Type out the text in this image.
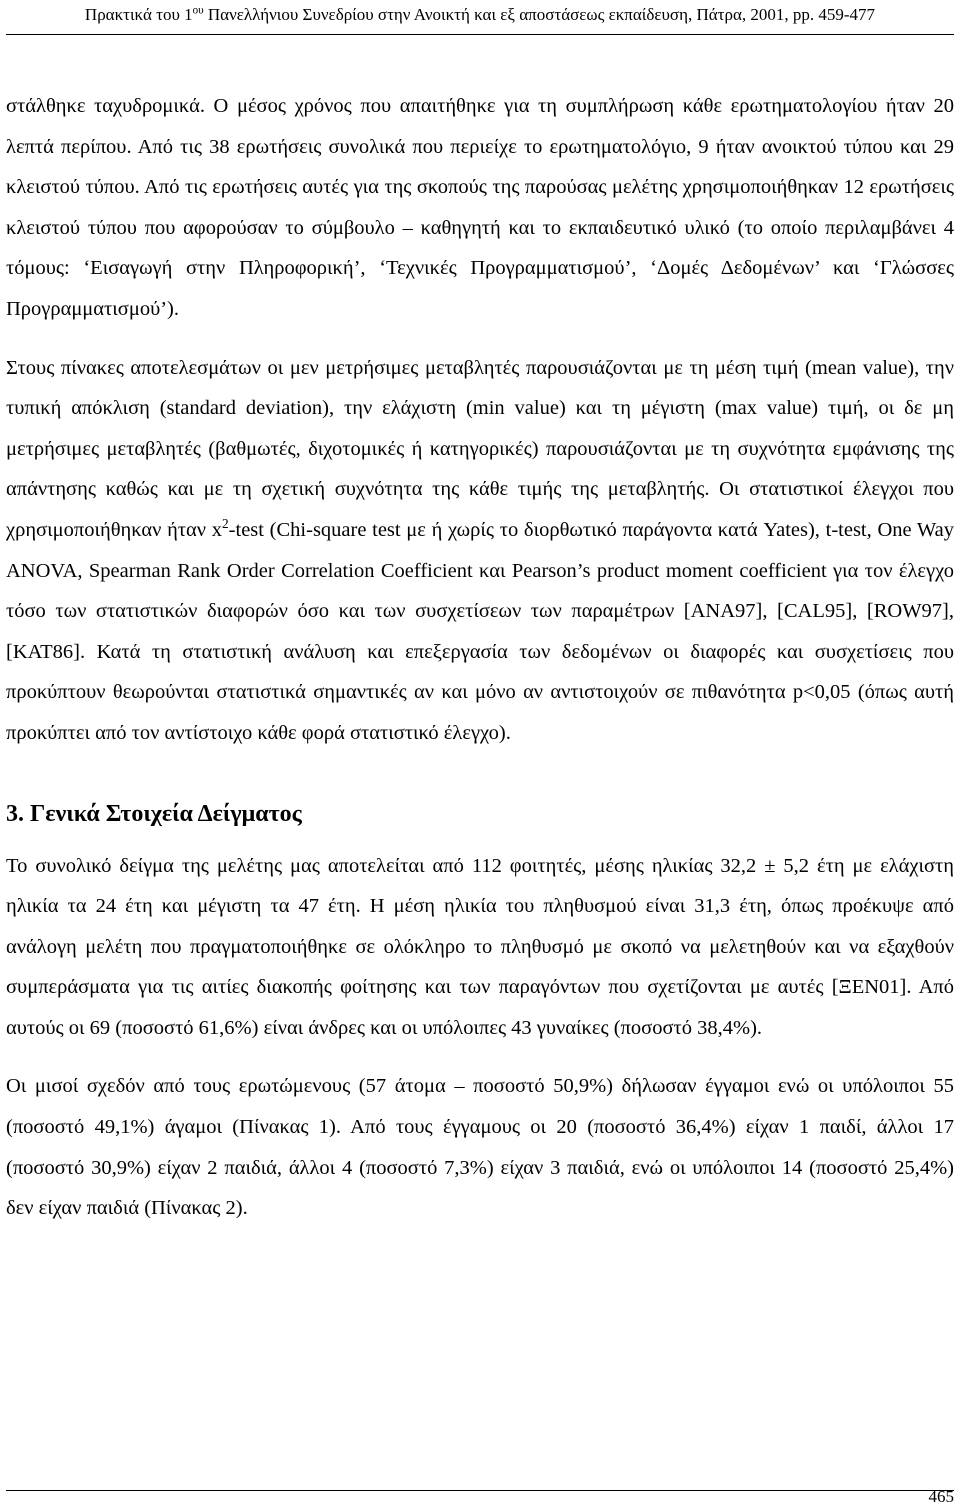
Πρακτικά του $1^{o\upsilon}$ Πανελλήνιου Συνεδρίου στην Ανοικτή και εξ αποστάσεως εκπαίδευση, Πάτρα, 2001, pp. 459-477

στάλθηκε ταχυδρομικά. Ο μέσος χρόνος που απαιτήθηκε για τη συμπλήρωση κάθε ερωτηματολογίου ήταν 20 λεπτά περίπου. Από τις 38 ερωτήσεις συνολικά που περιείχε το ερωτηματολόγιο, 9 ήταν ανοικτού τύπου και 29 κλειστού τύπου. Από τις ερωτήσεις αυτές για της σκοπούς της παρούσας μελέτης χρησιμοποιήθηκαν 12 ερωτήσεις κλειστού τύπου που αφορούσαν το σύμβουλο – καθηγητή και το εκπαιδευτικό υλικό (το οποίο περιλαμβάνει 4 τόμους: ‘Εισαγωγή στην Πληροφορική’, ‘Τεχνικές Προγραμματισμού’, ‘Δομές Δεδομένων’ και ‘Γλώσσες Προγραμματισμού’).

Στους πίνακες αποτελεσμάτων οι μεν μετρήσιμες μεταβλητές παρουσιάζονται με τη μέση τιμή (mean value), την τυπική απόκλιση (standard deviation), την ελάχιστη (min value) και τη μέγιστη (max value) τιμή, οι δε μη μετρήσιμες μεταβλητές (βαθμωτές, διχοτομικές ή κατηγορικές) παρουσιάζονται με τη συχνότητα εμφάνισης της απάντησης καθώς και με τη σχετική συχνότητα της κάθε τιμής της μεταβλητής. Οι στατιστικοί έλεγχοι που χρησιμοποιήθηκαν ήταν $x^2$-test (Chi-square test με ή χωρίς το διορθωτικό παράγοντα κατά Yates), t-test, One Way ANOVA, Spearman Rank Order Correlation Coefficient και Pearson’s product moment coefficient για τον έλεγχο τόσο των στατιστικών διαφορών όσο και των συσχετίσεων των παραμέτρων [ANA97], [CAL95], [ROW97], [KAT86]. Κατά τη στατιστική ανάλυση και επεξεργασία των δεδομένων οι διαφορές και συσχετίσεις που προκύπτουν θεωρούνται στατιστικά σημαντικές αν και μόνο αν αντιστοιχούν σε πιθανότητα p<0,05 (όπως αυτή προκύπτει από τον αντίστοιχο κάθε φορά στατιστικό έλεγχο).

3. Γενικά Στοιχεία Δείγματος

Το συνολικό δείγμα της μελέτης μας αποτελείται από 112 φοιτητές, μέσης ηλικίας 32,2 ± 5,2 έτη με ελάχιστη ηλικία τα 24 έτη και μέγιστη τα 47 έτη. Η μέση ηλικία του πληθυσμού είναι 31,3 έτη, όπως προέκυψε από ανάλογη μελέτη που πραγματοποιήθηκε σε ολόκληρο το πληθυσμό με σκοπό να μελετηθούν και να εξαχθούν συμπεράσματα για τις αιτίες διακοπής φοίτησης και των παραγόντων που σχετίζονται με αυτές [ΞΕΝ01]. Από αυτούς οι 69 (ποσοστό 61,6%) είναι άνδρες και οι υπόλοιπες 43 γυναίκες (ποσοστό 38,4%).

Οι μισοί σχεδόν από τους ερωτώμενους (57 άτομα – ποσοστό 50,9%) δήλωσαν έγγαμοι ενώ οι υπόλοιποι 55 (ποσοστό 49,1%) άγαμοι (Πίνακας 1). Από τους έγγαμους οι 20 (ποσοστό 36,4%) είχαν 1 παιδί, άλλοι 17 (ποσοστό 30,9%) είχαν 2 παιδιά, άλλοι 4 (ποσοστό 7,3%) είχαν 3 παιδιά, ενώ οι υπόλοιποι 14 (ποσοστό 25,4%) δεν είχαν παιδιά (Πίνακας 2).

465
